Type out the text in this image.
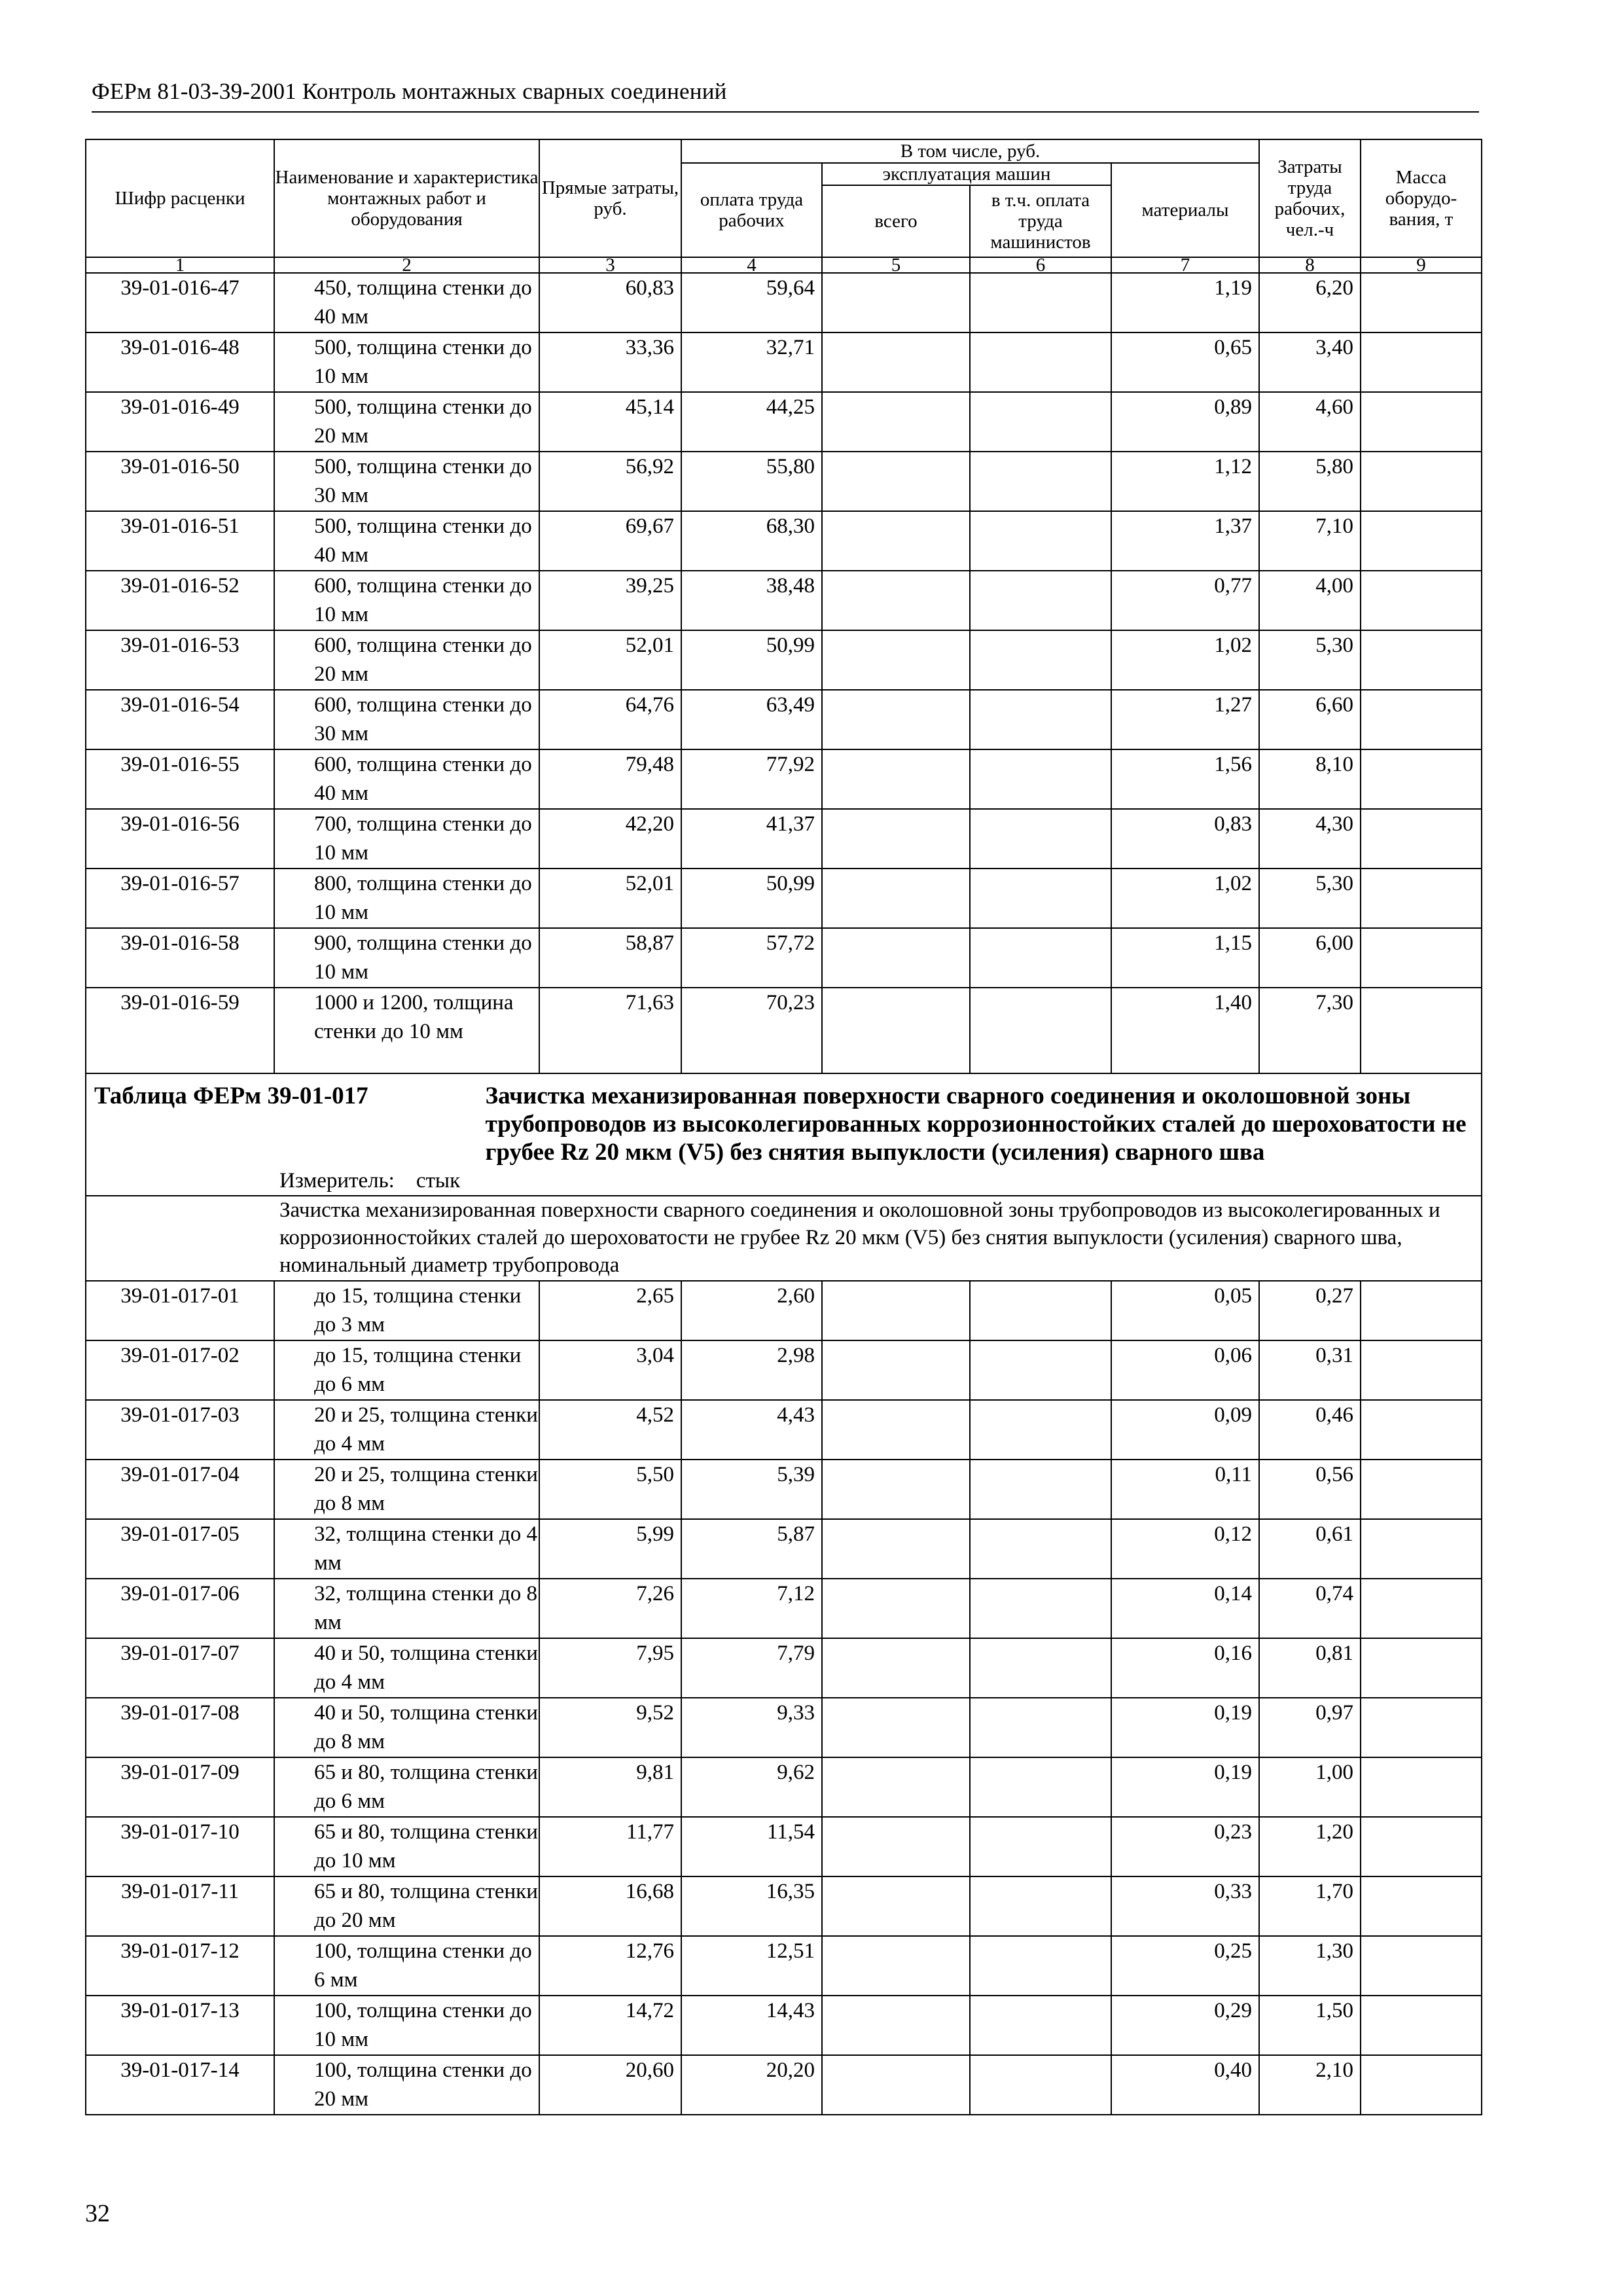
ФЕРм 81-03-39-2001 Контроль монтажных сварных соединений
Шифр расценки	Наименование и характеристика монтажных работ и оборудования	Прямые затраты, руб.	В том числе, руб.				Затраты труда рабочих, чел.-ч	Масса оборудо-вания, т
			оплата труда рабочих	эксплуатация машин		материалы		
				всего	в т.ч. оплата труда машинистов			
1	2	3	4	5	6	7	8	9
39-01-016-47	450, толщина стенки до 40 мм	60,83	59,64			1,19	6,20	
39-01-016-48	500, толщина стенки до 10 мм	33,36	32,71			0,65	3,40	
39-01-016-49	500, толщина стенки до 20 мм	45,14	44,25			0,89	4,60	
39-01-016-50	500, толщина стенки до 30 мм	56,92	55,80			1,12	5,80	
39-01-016-51	500, толщина стенки до 40 мм	69,67	68,30			1,37	7,10	
39-01-016-52	600, толщина стенки до 10 мм	39,25	38,48			0,77	4,00	
39-01-016-53	600, толщина стенки до 20 мм	52,01	50,99			1,02	5,30	
39-01-016-54	600, толщина стенки до 30 мм	64,76	63,49			1,27	6,60	
39-01-016-55	600, толщина стенки до 40 мм	79,48	77,92			1,56	8,10	
39-01-016-56	700, толщина стенки до 10 мм	42,20	41,37			0,83	4,30	
39-01-016-57	800, толщина стенки до 10 мм	52,01	50,99			1,02	5,30	
39-01-016-58	900, толщина стенки до 10 мм	58,87	57,72			1,15	6,00	
39-01-016-59	1000 и 1200, толщина стенки до 10 мм	71,63	70,23			1,40	7,30	

Таблица ФЕРм 39-01-017 Зачистка механизированная поверхности сварного соединения и околошовной зоны трубопроводов из высоколегированных коррозионностойких сталей до шероховатости не грубее Rz 20 мкм (V5) без снятия выпуклости (усиления) сварного шва
Измеритель:    стык								

Зачистка механизированная поверхности сварного соединения и околошовной зоны трубопроводов из высоколегированных и коррозионностойких сталей до шероховатости не грубее Rz 20 мкм (V5) без снятия выпуклости (усиления) сварного шва, номинальный диаметр трубопровода								
39-01-017-01	до 15, толщина стенки до 3 мм	2,65	2,60			0,05	0,27	
39-01-017-02	до 15, толщина стенки до 6 мм	3,04	2,98			0,06	0,31	
39-01-017-03	20 и 25, толщина стенки до 4 мм	4,52	4,43			0,09	0,46	
39-01-017-04	20 и 25, толщина стенки до 8 мм	5,50	5,39			0,11	0,56	
39-01-017-05	32, толщина стенки до 4 мм	5,99	5,87			0,12	0,61	
39-01-017-06	32, толщина стенки до 8 мм	7,26	7,12			0,14	0,74	
39-01-017-07	40 и 50, толщина стенки до 4 мм	7,95	7,79			0,16	0,81	
39-01-017-08	40 и 50, толщина стенки до 8 мм	9,52	9,33			0,19	0,97	
39-01-017-09	65 и 80, толщина стенки до 6 мм	9,81	9,62			0,19	1,00	
39-01-017-10	65 и 80, толщина стенки до 10 мм	11,77	11,54			0,23	1,20	
39-01-017-11	65 и 80, толщина стенки до 20 мм	16,68	16,35			0,33	1,70	
39-01-017-12	100, толщина стенки до 6 мм	12,76	12,51			0,25	1,30	
39-01-017-13	100, толщина стенки до 10 мм	14,72	14,43			0,29	1,50	
39-01-017-14	100, толщина стенки до 20 мм	20,60	20,20			0,40	2,10	
32
